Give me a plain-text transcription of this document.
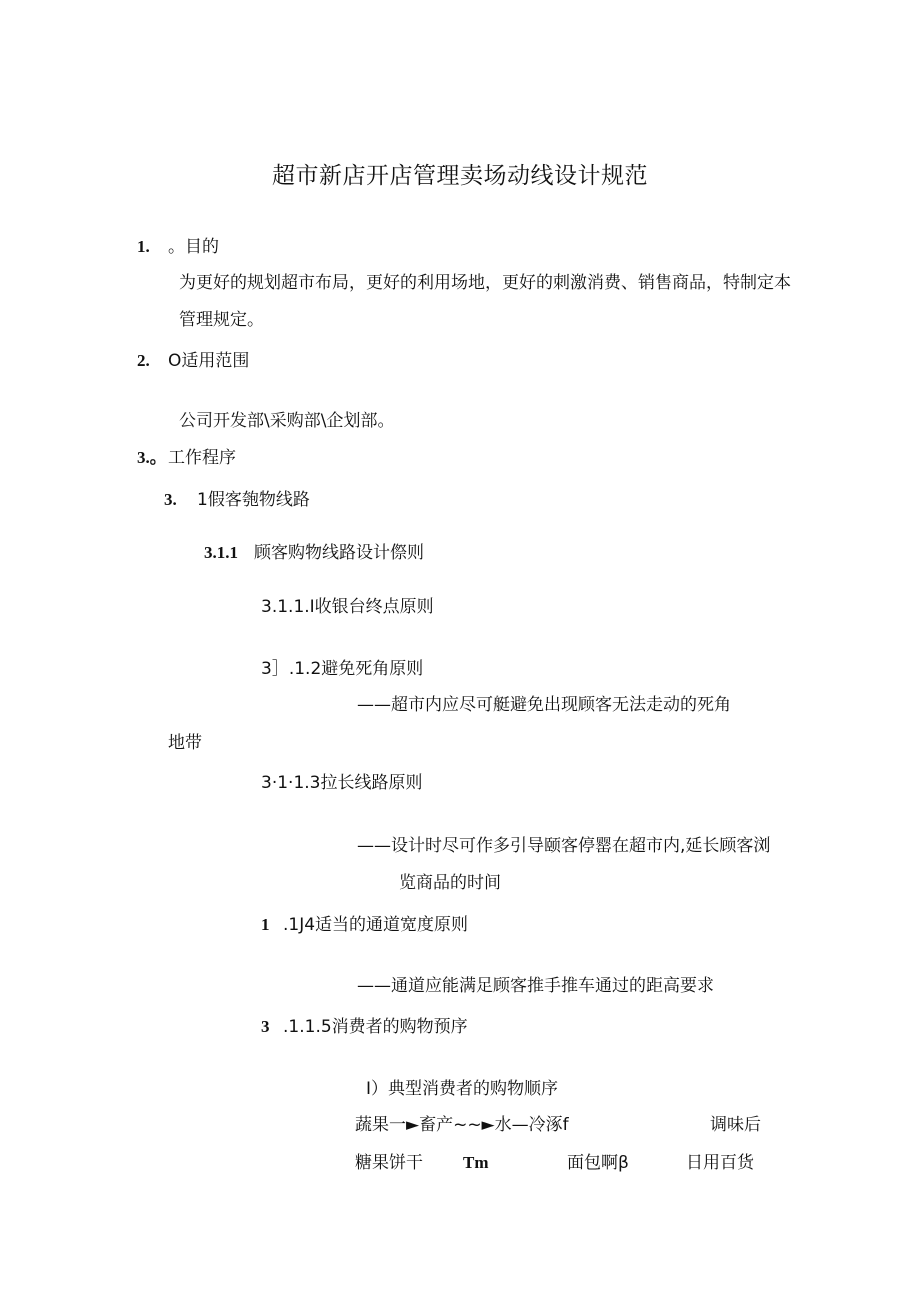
超市新店开店管理卖场动线设计规范
1. 。目的
为更好的规划超市布局，更好的利用场地，更好的刺激消费、销售商品，特制定本
管理规定。
2. O适用范围
公司开发部\采购部\企划部。
3.。 工作程序
3. 1假客匏物线路
3.1.1 顾客购物线路设计傺则
3.1.1.I收银台终点原则
3］.1.2避免死角原则
——超市内应尽可艇避免出现顾客无法走动的死角
地带
3·1·1.3拉长线路原则
——设计时尽可作多引导颐客停罂在超市内,延长顾客浏
览商品的时间
1 .1J4适当的通道宽度原则
——通道应能满足顾客推手推车通过的距高要求
3 .1.1.5消费者的购物预序
I）典型消费者的购物顺序
蔬果一►畜产~~►水—冷涿f	调味后
糖果饼干 Tm	面包啊β	日用百货
